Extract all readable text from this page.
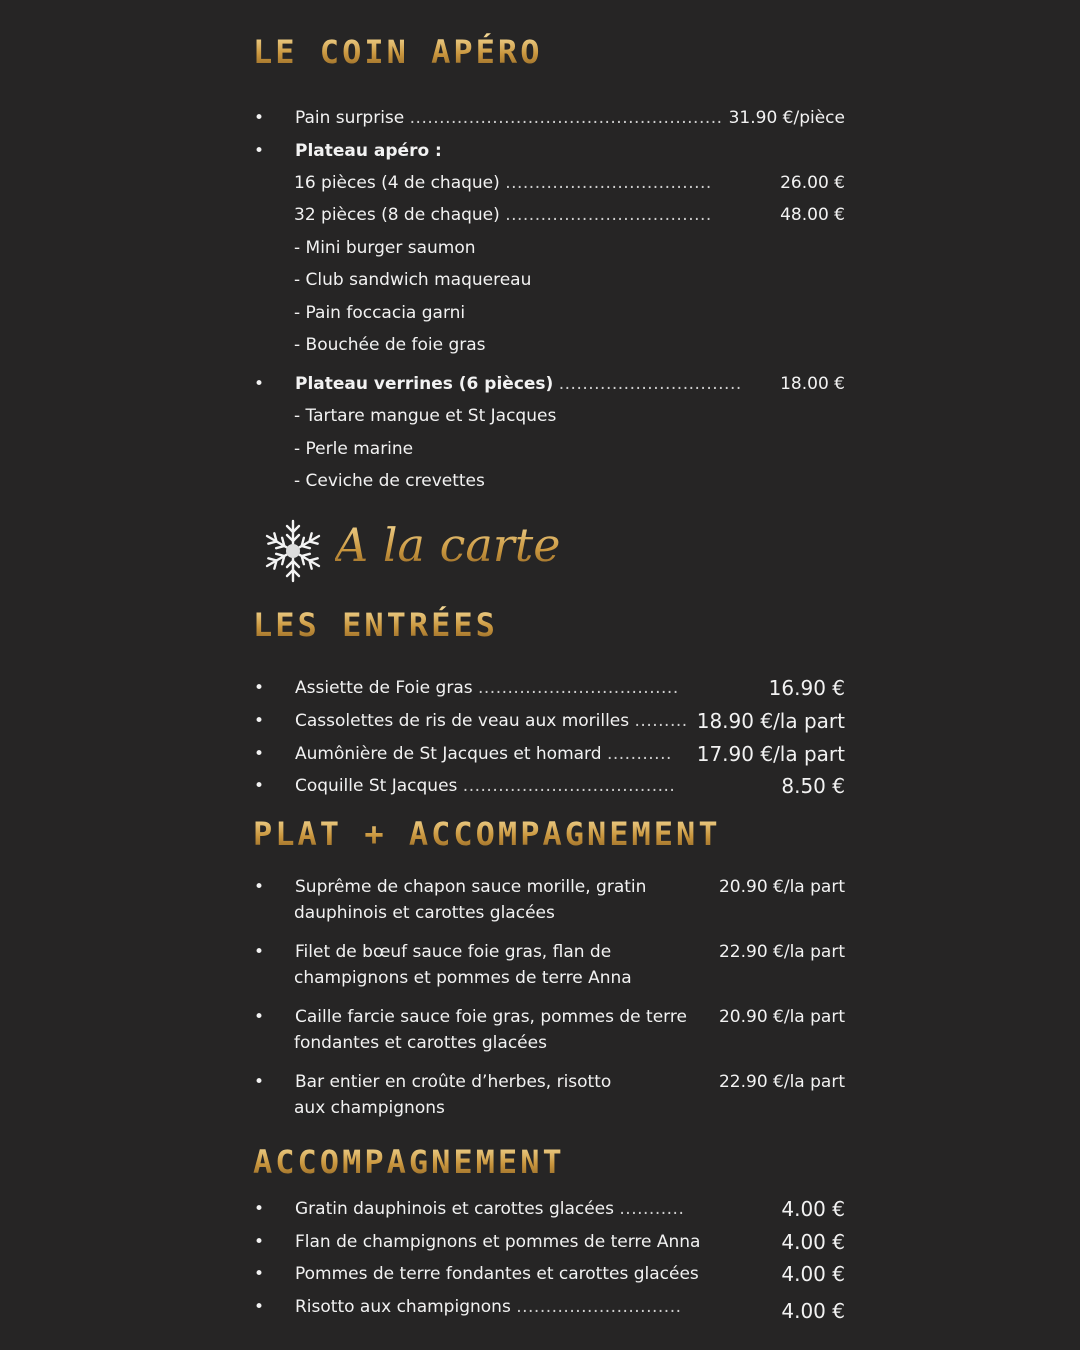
LE COIN APÉRO
• Pain surprise ..................................................... 31.90 €/pièce
• Plateau apéro :
16 pièces (4 de chaque) ...................................	26.00 €
32 pièces (8 de chaque) ...................................	48.00 €
- Mini burger saumon
- Club sandwich maquereau
- Pain foccacia garni
- Bouchée de foie gras
• Plateau verrines (6 pièces) ............................... 18.00 €
- Tartare mangue et St Jacques
- Perle marine
- Ceviche de crevettes
A la carte
LES ENTRÉES
• Assiette de Foie gras ..................................	16.90 €
• Cassolettes de ris de veau aux morilles ......... 18.90 €/la part
• Aumônière de St Jacques et homard ........... 17.90 €/la part
• Coquille St Jacques ....................................	8.50 €
PLAT + ACCOMPAGNEMENT
• Suprême de chapon sauce morille, gratin
dauphinois et carottes glacées
20.90 €/la part
• Filet de bœuf sauce foie gras, flan de
champignons et pommes de terre Anna
22.90 €/la part
• Caille farcie sauce foie gras, pommes de terre
fondantes et carottes glacées
20.90 €/la part
• Bar entier en croûte d’herbes, risotto
aux champignons
22.90 €/la part
ACCOMPAGNEMENT
• Gratin dauphinois et carottes glacées ...........	4.00 €
• Flan de champignons et pommes de terre Anna	4.00 €
• Pommes de terre fondantes et carottes glacées	4.00 €
• Risotto aux champignons ............................	4.00 €
